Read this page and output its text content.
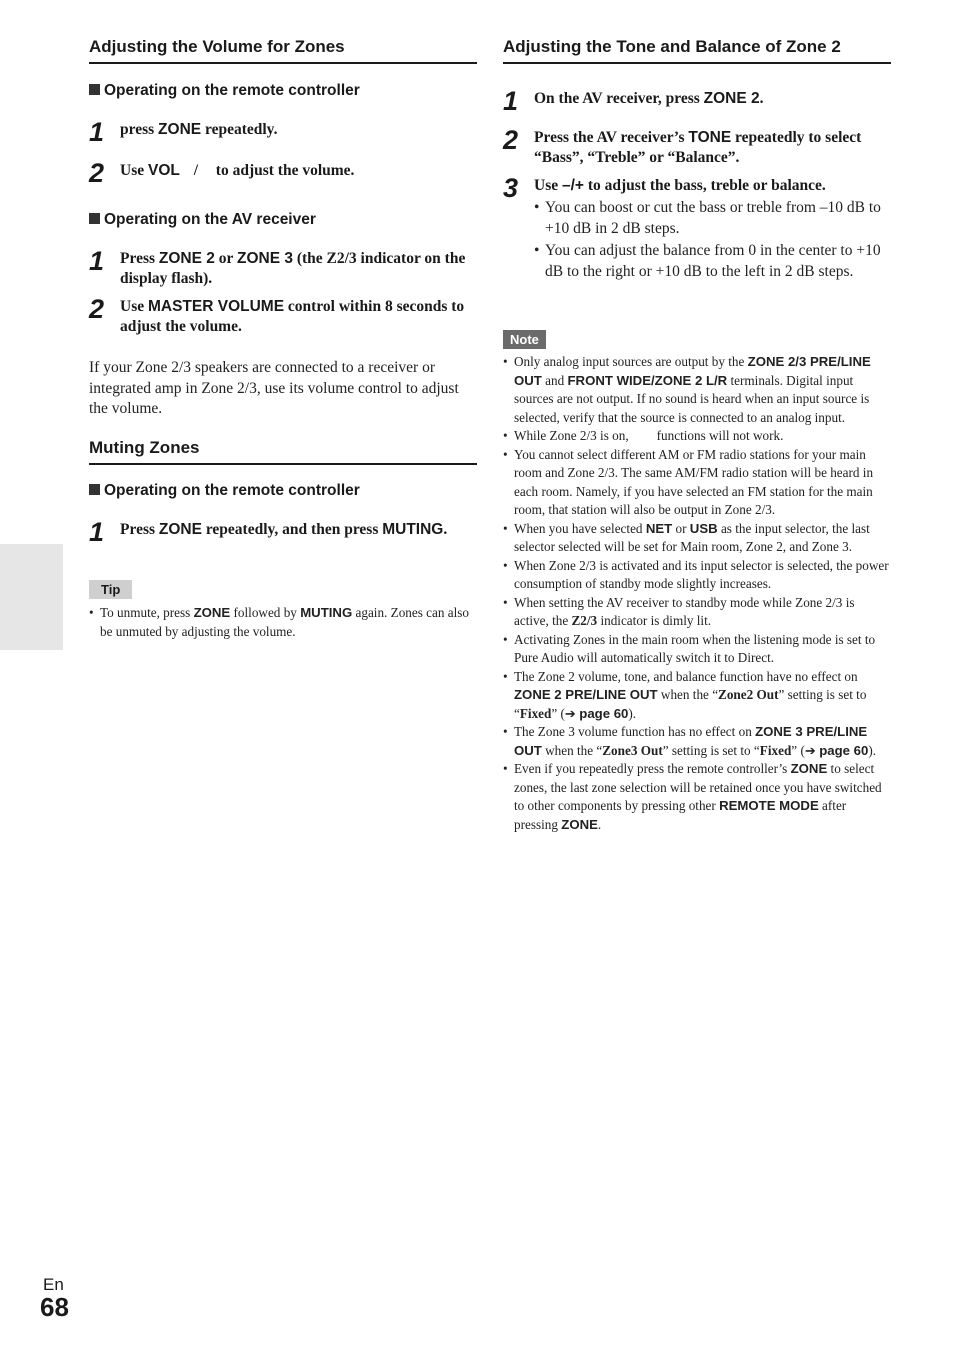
Adjusting the Volume for Zones
Operating on the remote controller
1 press ZONE repeatedly.
2 Use VOL /  to adjust the volume.
Operating on the AV receiver
1 Press ZONE 2 or ZONE 3 (the Z2/3 indicator on the display flash).
2 Use MASTER VOLUME control within 8 seconds to adjust the volume.
If your Zone 2/3 speakers are connected to a receiver or integrated amp in Zone 2/3, use its volume control to adjust the volume.
Muting Zones
Operating on the remote controller
1 Press ZONE repeatedly, and then press MUTING.
Tip
• To unmute, press ZONE followed by MUTING again. Zones can also be unmuted by adjusting the volume.
Adjusting the Tone and Balance of Zone 2
1 On the AV receiver, press ZONE 2.
2 Press the AV receiver’s TONE repeatedly to select “Bass”, “Treble” or “Balance”.
3 Use –/+ to adjust the bass, treble or balance.
• You can boost or cut the bass or treble from –10 dB to +10 dB in 2 dB steps.
• You can adjust the balance from 0 in the center to +10 dB to the right or +10 dB to the left in 2 dB steps.
Note
• Only analog input sources are output by the ZONE 2/3 PRE/LINE OUT and FRONT WIDE/ZONE 2 L/R terminals. Digital input sources are not output. If no sound is heard when an input source is selected, verify that the source is connected to an analog input.
• While Zone 2/3 is on, functions will not work.
• You cannot select different AM or FM radio stations for your main room and Zone 2/3. The same AM/FM radio station will be heard in each room. Namely, if you have selected an FM station for the main room, that station will also be output in Zone 2/3.
• When you have selected NET or USB as the input selector, the last selector selected will be set for Main room, Zone 2, and Zone 3.
• When Zone 2/3 is activated and its input selector is selected, the power consumption of standby mode slightly increases.
• When setting the AV receiver to standby mode while Zone 2/3 is active, the Z2/3 indicator is dimly lit.
• Activating Zones in the main room when the listening mode is set to Pure Audio will automatically switch it to Direct.
• The Zone 2 volume, tone, and balance function have no effect on ZONE 2 PRE/LINE OUT when the “Zone2 Out” setting is set to “Fixed” (➔ page 60).
• The Zone 3 volume function has no effect on ZONE 3 PRE/LINE OUT when the “Zone3 Out” setting is set to “Fixed” (➔ page 60).
• Even if you repeatedly press the remote controller’s ZONE to select zones, the last zone selection will be retained once you have switched to other components by pressing other REMOTE MODE after pressing ZONE.
En
68
